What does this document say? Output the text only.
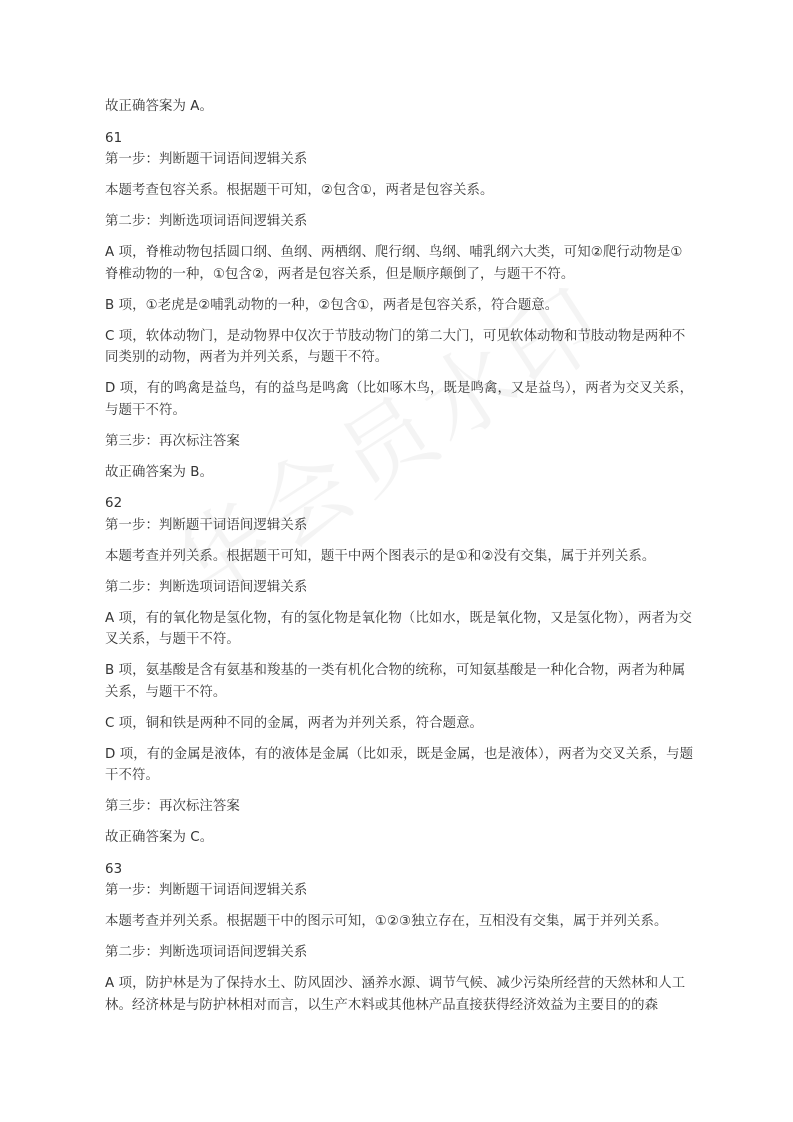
故正确答案为 A。

61

第一步：判断题干词语间逻辑关系

本题考查包容关系。根据题干可知，②包含①，两者是包容关系。

第二步：判断选项词语间逻辑关系

A 项，脊椎动物包括圆口纲、鱼纲、两栖纲、爬行纲、鸟纲、哺乳纲六大类，可知②爬行动物是①脊椎动物的一种，①包含②，两者是包容关系，但是顺序颠倒了，与题干不符。

B 项，①老虎是②哺乳动物的一种，②包含①，两者是包容关系，符合题意。

C 项，软体动物门，是动物界中仅次于节肢动物门的第二大门，可见软体动物和节肢动物是两种不同类别的动物，两者为并列关系，与题干不符。

D 项，有的鸣禽是益鸟，有的益鸟是鸣禽（比如啄木鸟，既是鸣禽，又是益鸟），两者为交叉关系，与题干不符。

第三步：再次标注答案

故正确答案为 B。

62

第一步：判断题干词语间逻辑关系

本题考查并列关系。根据题干可知，题干中两个图表示的是①和②没有交集，属于并列关系。

第二步：判断选项词语间逻辑关系

A 项，有的氧化物是氢化物，有的氢化物是氧化物（比如水，既是氧化物，又是氢化物），两者为交叉关系，与题干不符。

B 项，氨基酸是含有氨基和羧基的一类有机化合物的统称，可知氨基酸是一种化合物，两者为种属关系，与题干不符。

C 项，铜和铁是两种不同的金属，两者为并列关系，符合题意。

D 项，有的金属是液体，有的液体是金属（比如汞，既是金属，也是液体），两者为交叉关系，与题干不符。

第三步：再次标注答案

故正确答案为 C。

63

第一步：判断题干词语间逻辑关系

本题考查并列关系。根据题干中的图示可知，①②③独立存在，互相没有交集，属于并列关系。

第二步：判断选项词语间逻辑关系

A 项，防护林是为了保持水土、防风固沙、涵养水源、调节气候、减少污染所经营的天然林和人工林。经济林是与防护林相对而言，以生产木料或其他林产品直接获得经济效益为主要目的的森
